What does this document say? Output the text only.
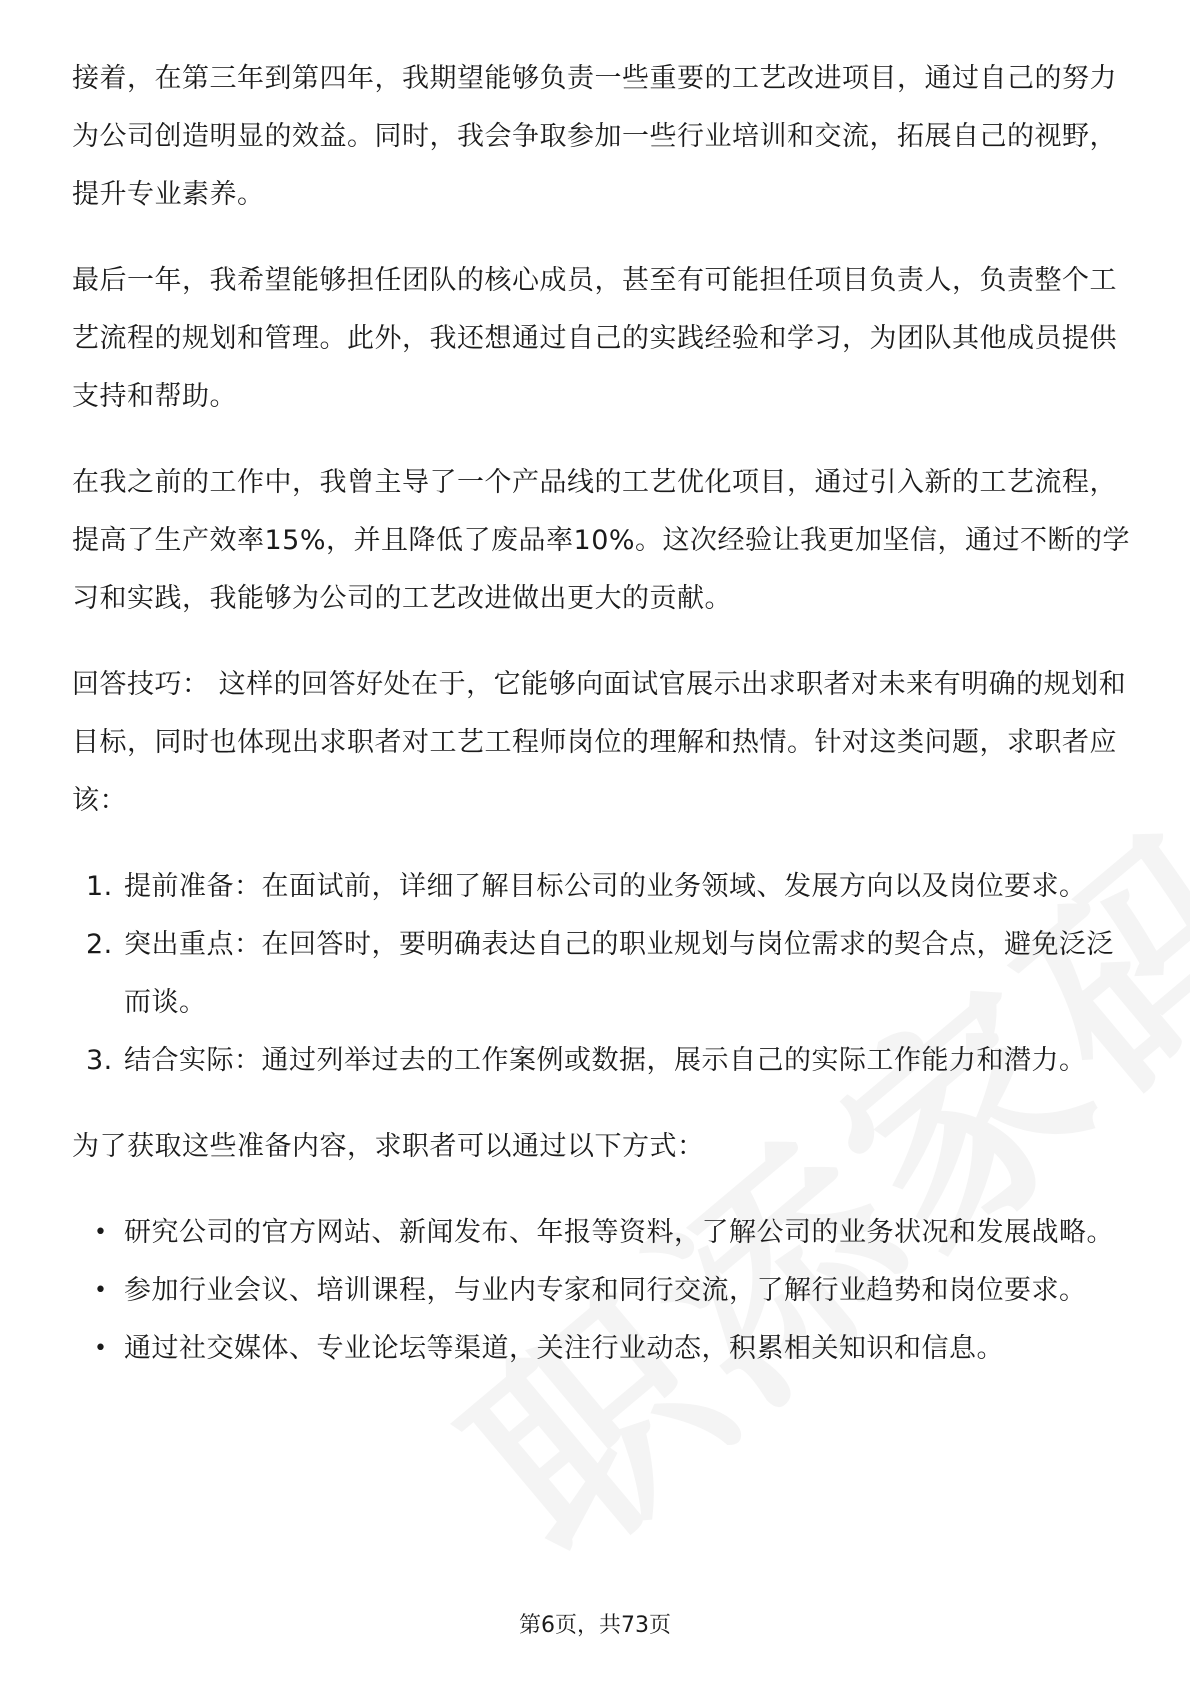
接着，在第三年到第四年，我期望能够负责一些重要的工艺改进项目，通过自己的努力为公司创造明显的效益。同时，我会争取参加一些行业培训和交流，拓展自己的视野，提升专业素养。

最后一年，我希望能够担任团队的核心成员，甚至有可能担任项目负责人，负责整个工艺流程的规划和管理。此外，我还想通过自己的实践经验和学习，为团队其他成员提供支持和帮助。

在我之前的工作中，我曾主导了一个产品线的工艺优化项目，通过引入新的工艺流程，提高了生产效率15%，并且降低了废品率10%。这次经验让我更加坚信，通过不断的学习和实践，我能够为公司的工艺改进做出更大的贡献。

回答技巧： 这样的回答好处在于，它能够向面试官展示出求职者对未来有明确的规划和目标，同时也体现出求职者对工艺工程师岗位的理解和热情。针对这类问题，求职者应该：

1. 提前准备：在面试前，详细了解目标公司的业务领域、发展方向以及岗位要求。
2. 突出重点：在回答时，要明确表达自己的职业规划与岗位需求的契合点，避免泛泛而谈。
3. 结合实际：通过列举过去的工作案例或数据，展示自己的实际工作能力和潜力。

为了获取这些准备内容，求职者可以通过以下方式：

• 研究公司的官方网站、新闻发布、年报等资料，了解公司的业务状况和发展战略。
• 参加行业会议、培训课程，与业内专家和同行交流，了解行业趋势和岗位要求。
• 通过社交媒体、专业论坛等渠道，关注行业动态，积累相关知识和信息。
第6页，共73页
